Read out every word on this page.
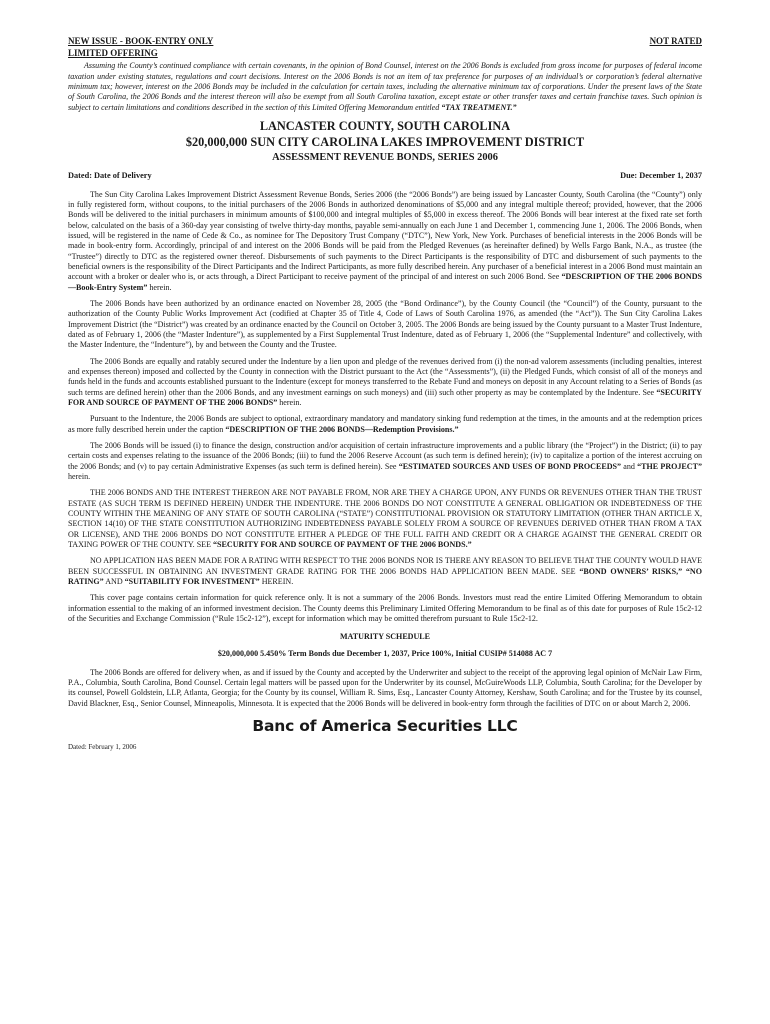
NEW ISSUE - BOOK-ENTRY ONLY	NOT RATED
LIMITED OFFERING

Assuming the County’s continued compliance with certain covenants, in the opinion of Bond Counsel, interest on the 2006 Bonds is excluded from gross income for purposes of federal income taxation under existing statutes, regulations and court decisions. Interest on the 2006 Bonds is not an item of tax preference for purposes of an individual’s or corporation’s federal alternative minimum tax; however, interest on the 2006 Bonds may be included in the calculation for certain taxes, including the alternative minimum tax of corporations. Under the present laws of the State of South Carolina, the 2006 Bonds and the interest thereon will also be exempt from all South Carolina taxation, except estate or other transfer taxes and certain franchise taxes. Such opinion is subject to certain limitations and conditions described in the section of this Limited Offering Memorandum entitled “TAX TREATMENT.”

LANCASTER COUNTY, SOUTH CAROLINA
$20,000,000 SUN CITY CAROLINA LAKES IMPROVEMENT DISTRICT
ASSESSMENT REVENUE BONDS, SERIES 2006
Dated: Date of Delivery	Due: December 1, 2037

The Sun City Carolina Lakes Improvement District Assessment Revenue Bonds, Series 2006 (the “2006 Bonds”) are being issued by Lancaster County, South Carolina (the “County”) only in fully registered form, without coupons, to the initial purchasers of the 2006 Bonds in authorized denominations of $5,000 and any integral multiple thereof; provided, however, that the 2006 Bonds will be delivered to the initial purchasers in minimum amounts of $100,000 and integral multiples of $5,000 in excess thereof. The 2006 Bonds will bear interest at the fixed rate set forth below, calculated on the basis of a 360-day year consisting of twelve thirty-day months, payable semi-annually on each June 1 and December 1, commencing June 1, 2006. The 2006 Bonds, when issued, will be registered in the name of Cede & Co., as nominee for The Depository Trust Company (“DTC”), New York, New York. Purchases of beneficial interests in the 2006 Bonds will be made in book-entry form. Accordingly, principal of and interest on the 2006 Bonds will be paid from the Pledged Revenues (as hereinafter defined) by Wells Fargo Bank, N.A., as trustee (the “Trustee”) directly to DTC as the registered owner thereof. Disbursements of such payments to the Direct Participants is the responsibility of DTC and disbursement of such payments to the beneficial owners is the responsibility of the Direct Participants and the Indirect Participants, as more fully described herein. Any purchaser of a beneficial interest in a 2006 Bond must maintain an account with a broker or dealer who is, or acts through, a Direct Participant to receive payment of the principal of and interest on such 2006 Bond. See “DESCRIPTION OF THE 2006 BONDS—Book-Entry System” herein.

The 2006 Bonds have been authorized by an ordinance enacted on November 28, 2005 (the “Bond Ordinance”), by the County Council (the “Council”) of the County, pursuant to the authorization of the County Public Works Improvement Act (codified at Chapter 35 of Title 4, Code of Laws of South Carolina 1976, as amended (the “Act”)). The Sun City Carolina Lakes Improvement District (the “District”) was created by an ordinance enacted by the Council on October 3, 2005. The 2006 Bonds are being issued by the County pursuant to a Master Trust Indenture, dated as of February 1, 2006 (the “Master Indenture”), as supplemented by a First Supplemental Trust Indenture, dated as of February 1, 2006 (the “Supplemental Indenture” and collectively, with the Master Indenture, the “Indenture”), by and between the County and the Trustee.

The 2006 Bonds are equally and ratably secured under the Indenture by a lien upon and pledge of the revenues derived from (i) the non-ad valorem assessments (including penalties, interest and expenses thereon) imposed and collected by the County in connection with the District pursuant to the Act (the “Assessments”), (ii) the Pledged Funds, which consist of all of the moneys and funds held in the funds and accounts established pursuant to the Indenture (except for moneys transferred to the Rebate Fund and moneys on deposit in any Account relating to a Series of Bonds (as such terms are defined herein) other than the 2006 Bonds, and any investment earnings on such moneys) and (iii) such other property as may be contemplated by the Indenture. See “SECURITY FOR AND SOURCE OF PAYMENT OF THE 2006 BONDS” herein.

Pursuant to the Indenture, the 2006 Bonds are subject to optional, extraordinary mandatory and mandatory sinking fund redemption at the times, in the amounts and at the redemption prices as more fully described herein under the caption “DESCRIPTION OF THE 2006 BONDS—Redemption Provisions.”

The 2006 Bonds will be issued (i) to finance the design, construction and/or acquisition of certain infrastructure improvements and a public library (the “Project”) in the District; (ii) to pay certain costs and expenses relating to the issuance of the 2006 Bonds; (iii) to fund the 2006 Reserve Account (as such term is defined herein); (iv) to capitalize a portion of the interest accruing on the 2006 Bonds; and (v) to pay certain Administrative Expenses (as such term is defined herein). See “ESTIMATED SOURCES AND USES OF BOND PROCEEDS” and “THE PROJECT” herein.

THE 2006 BONDS AND THE INTEREST THEREON ARE NOT PAYABLE FROM, NOR ARE THEY A CHARGE UPON, ANY FUNDS OR REVENUES OTHER THAN THE TRUST ESTATE (AS SUCH TERM IS DEFINED HEREIN) UNDER THE INDENTURE. THE 2006 BONDS DO NOT CONSTITUTE A GENERAL OBLIGATION OR INDEBTEDNESS OF THE COUNTY WITHIN THE MEANING OF ANY STATE OF SOUTH CAROLINA (“STATE”) CONSTITUTIONAL PROVISION OR STATUTORY LIMITATION (OTHER THAN ARTICLE X, SECTION 14(10) OF THE STATE CONSTITUTION AUTHORIZING INDEBTEDNESS PAYABLE SOLELY FROM A SOURCE OF REVENUES DERIVED OTHER THAN FROM A TAX OR LICENSE), AND THE 2006 BONDS DO NOT CONSTITUTE EITHER A PLEDGE OF THE FULL FAITH AND CREDIT OR A CHARGE AGAINST THE GENERAL CREDIT OR TAXING POWER OF THE COUNTY. SEE “SECURITY FOR AND SOURCE OF PAYMENT OF THE 2006 BONDS.”

NO APPLICATION HAS BEEN MADE FOR A RATING WITH RESPECT TO THE 2006 BONDS NOR IS THERE ANY REASON TO BELIEVE THAT THE COUNTY WOULD HAVE BEEN SUCCESSFUL IN OBTAINING AN INVESTMENT GRADE RATING FOR THE 2006 BONDS HAD APPLICATION BEEN MADE. SEE “BOND OWNERS’ RISKS,” “NO RATING” AND “SUITABILITY FOR INVESTMENT” HEREIN.

This cover page contains certain information for quick reference only. It is not a summary of the 2006 Bonds. Investors must read the entire Limited Offering Memorandum to obtain information essential to the making of an informed investment decision. The County deems this Preliminary Limited Offering Memorandum to be final as of this date for purposes of Rule 15c2-12 of the Securities and Exchange Commission (“Rule 15c2-12”), except for information which may be omitted therefrom pursuant to Rule 15c2-12.

MATURITY SCHEDULE
$20,000,000 5.450% Term Bonds due December 1, 2037, Price 100%, Initial CUSIP# 514088 AC 7

The 2006 Bonds are offered for delivery when, as and if issued by the County and accepted by the Underwriter and subject to the receipt of the approving legal opinion of McNair Law Firm, P.A., Columbia, South Carolina, Bond Counsel. Certain legal matters will be passed upon for the Underwriter by its counsel, McGuireWoods LLP, Columbia, South Carolina; for the Developer by its counsel, Powell Goldstein, LLP, Atlanta, Georgia; for the County by its counsel, William R. Sims, Esq., Lancaster County Attorney, Kershaw, South Carolina; and for the Trustee by its counsel, David Blackner, Esq., Senior Counsel, Minneapolis, Minnesota. It is expected that the 2006 Bonds will be delivered in book-entry form through the facilities of DTC on or about March 2, 2006.

Banc of America Securities LLC
Dated: February 1, 2006
